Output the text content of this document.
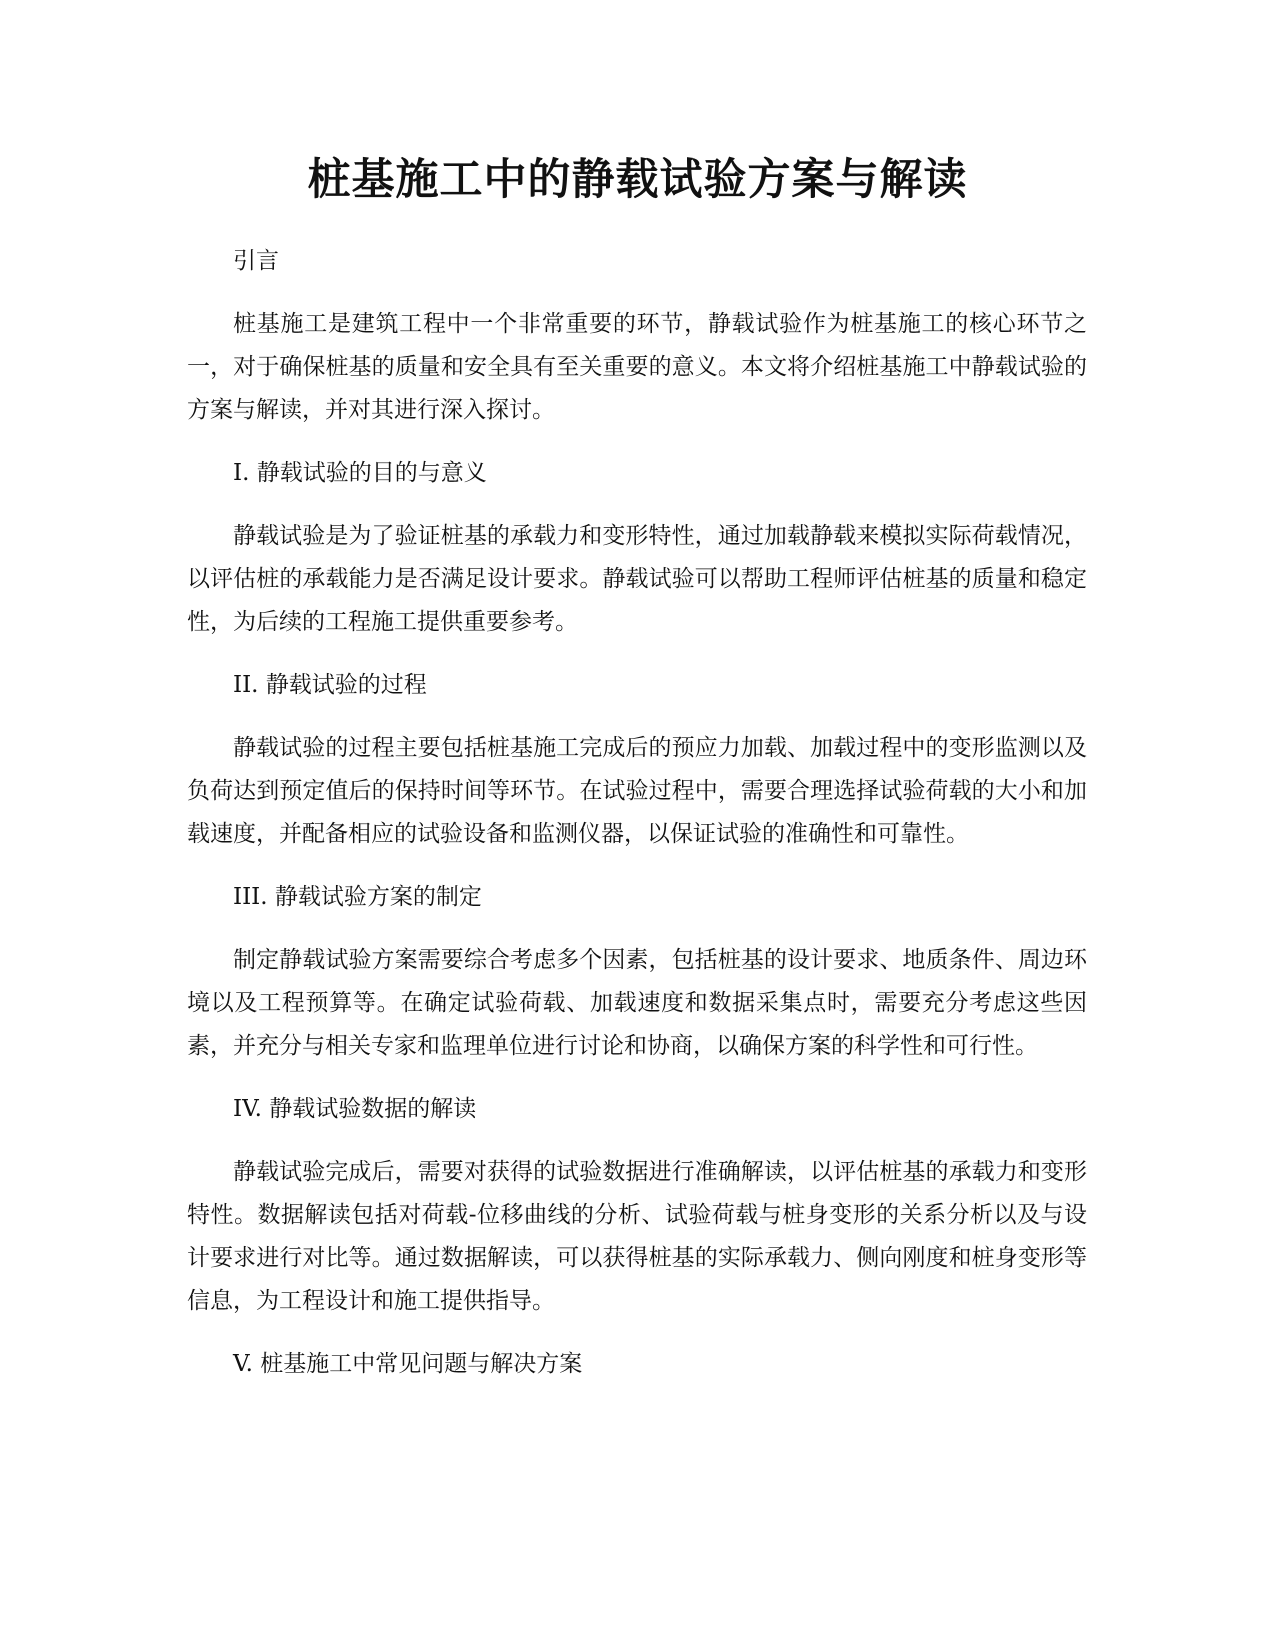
桩基施工中的静载试验方案与解读

引言

桩基施工是建筑工程中一个非常重要的环节，静载试验作为桩基施工的核心环节之一，对于确保桩基的质量和安全具有至关重要的意义。本文将介绍桩基施工中静载试验的方案与解读，并对其进行深入探讨。

I. 静载试验的目的与意义

静载试验是为了验证桩基的承载力和变形特性，通过加载静载来模拟实际荷载情况，以评估桩的承载能力是否满足设计要求。静载试验可以帮助工程师评估桩基的质量和稳定性，为后续的工程施工提供重要参考。

II. 静载试验的过程

静载试验的过程主要包括桩基施工完成后的预应力加载、加载过程中的变形监测以及负荷达到预定值后的保持时间等环节。在试验过程中，需要合理选择试验荷载的大小和加载速度，并配备相应的试验设备和监测仪器，以保证试验的准确性和可靠性。

III. 静载试验方案的制定

制定静载试验方案需要综合考虑多个因素，包括桩基的设计要求、地质条件、周边环境以及工程预算等。在确定试验荷载、加载速度和数据采集点时，需要充分考虑这些因素，并充分与相关专家和监理单位进行讨论和协商，以确保方案的科学性和可行性。

IV. 静载试验数据的解读

静载试验完成后，需要对获得的试验数据进行准确解读，以评估桩基的承载力和变形特性。数据解读包括对荷载-位移曲线的分析、试验荷载与桩身变形的关系分析以及与设计要求进行对比等。通过数据解读，可以获得桩基的实际承载力、侧向刚度和桩身变形等信息，为工程设计和施工提供指导。

V. 桩基施工中常见问题与解决方案
